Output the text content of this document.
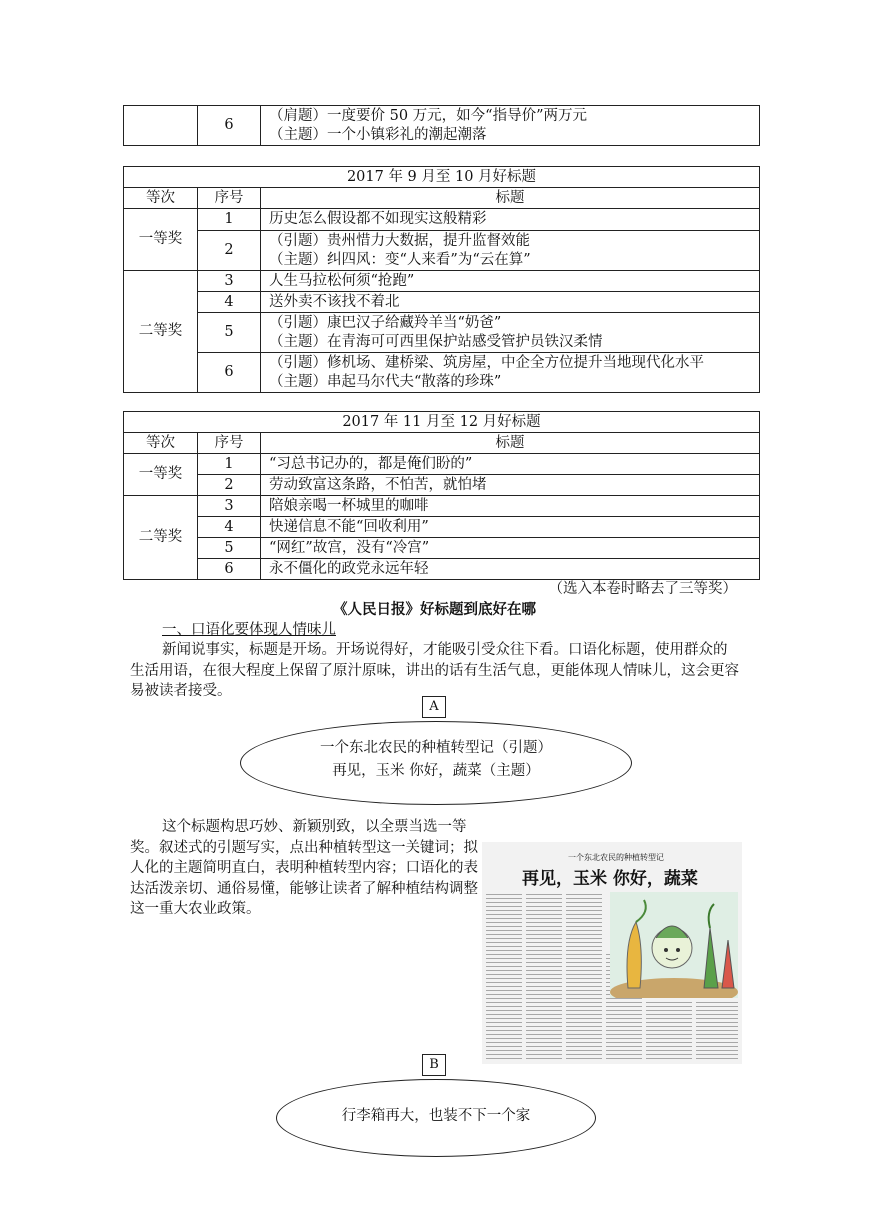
	6	
（肩题）一度要价 50 万元，如今“指导价”两万元
（主题）一个小镇彩礼的潮起潮落
2017 年 9 月至 10 月好标题		
等次	序号	标题
一等奖	1	历史怎么假设都不如现实这般精彩

	2	（引题）贵州惜力大数据，提升监督效能
（主题）纠四风：变“人来看”为“云在算”

二等奖	3	人生马拉松何须“抢跑”

	4	送外卖不该找不着北

	5	（引题）康巴汉子给藏羚羊当“奶爸”
（主题）在青海可可西里保护站感受管护员铁汉柔情

	6	（引题）修机场、建桥梁、筑房屋，中企全方位提升当地现代化水平
（主题）串起马尔代夫“散落的珍珠”
2017 年 11 月至 12 月好标题		
等次	序号	标题
一等奖	1	“习总书记办的，都是俺们盼的”
	2	劳动致富这条路，不怕苦，就怕堵
二等奖	3	陪娘亲喝一杯城里的咖啡
	4	快递信息不能“回收利用”
	5	“网红”故宫，没有“冷宫”
	6	永不僵化的政党永远年轻
（选入本卷时略去了三等奖）
《人民日报》好标题到底好在哪
一、口语化要体现人情味儿
新闻说事实，标题是开场。开场说得好，才能吸引受众往下看。口语化标题，使用群众的生活用语，在很大程度上保留了原汁原味，讲出的话有生活气息，更能体现人情味儿，这会更容易被读者接受。
A
一个东北农民的种植转型记（引题）
再见，玉米 你好，蔬菜（主题）
这个标题构思巧妙、新颖别致，以全票当选一等奖。叙述式的引题写实，点出种植转型这一关键词；拟人化的主题简明直白，表明种植转型内容；口语化的表达活泼亲切、通俗易懂，能够让读者了解种植结构调整这一重大农业政策。
一个东北农民的种植转型记
再见，玉米 你好，蔬菜
B
行李箱再大，也装不下一个家
